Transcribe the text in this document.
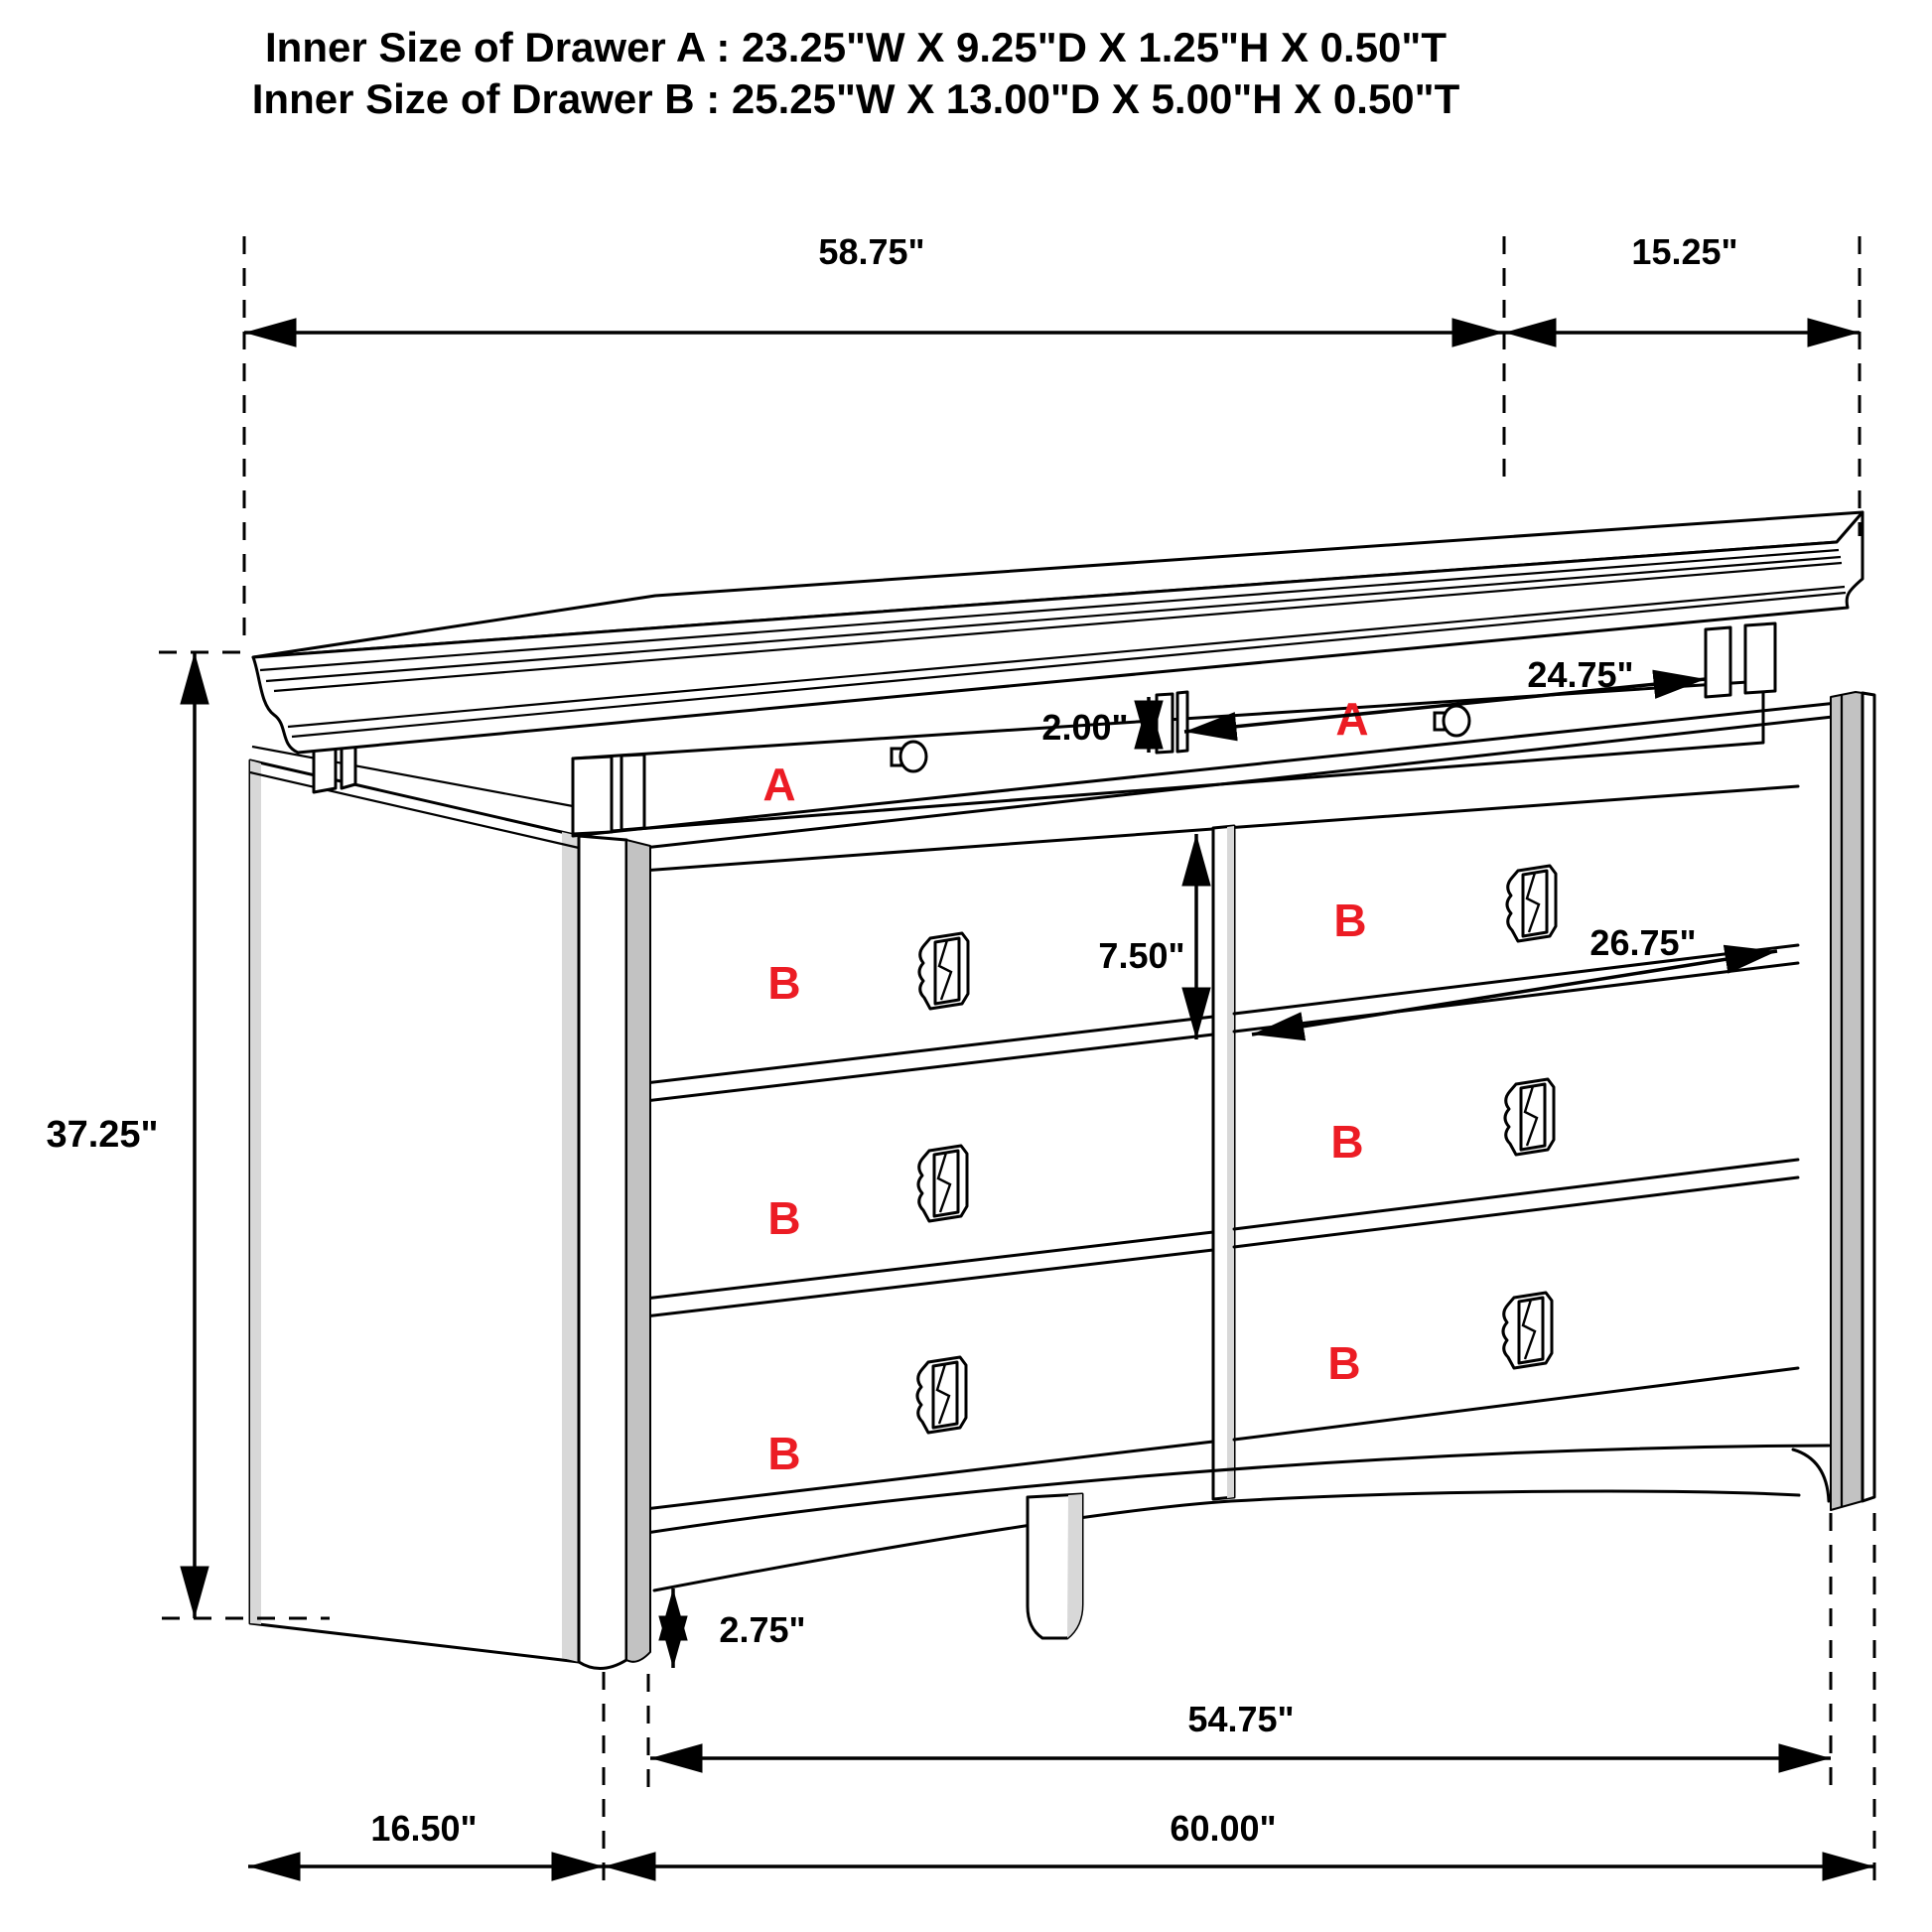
A
A
B
B
B
B
B
B
Inner Size of Drawer A : 23.25"W X 9.25"D X 1.25"H X 0.50"T
Inner Size of Drawer B : 25.25"W X 13.00"D X 5.00"H X 0.50"T
58.75"	15.25"
37.25"
2.00"
24.75"
7.50"	26.75"
2.75"
54.75"
16.50"	60.00"
